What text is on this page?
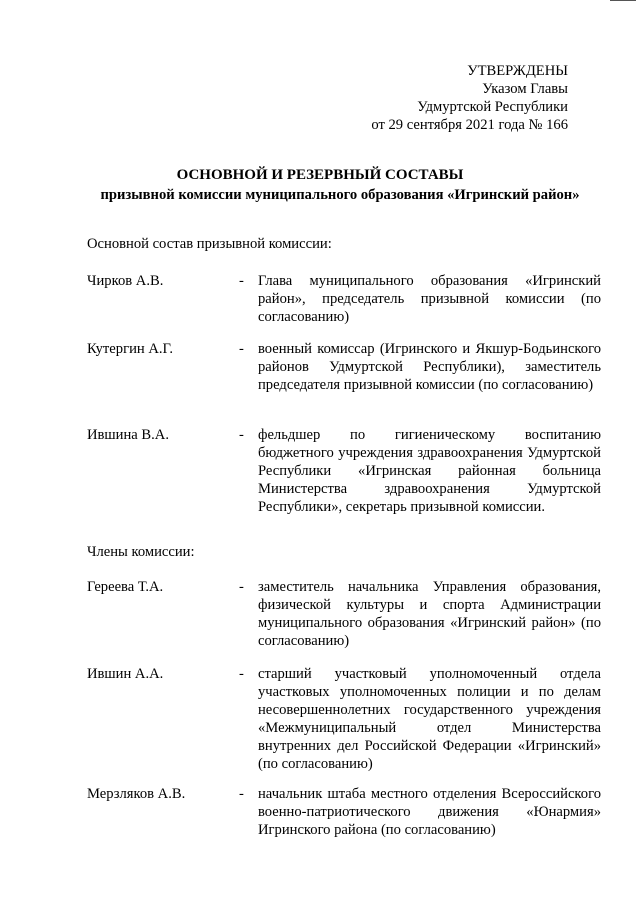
УТВЕРЖДЕНЫ
Указом Главы
Удмуртской Республики
от 29 сентября 2021 года № 166
ОСНОВНОЙ И РЕЗЕРВНЫЙ СОСТАВЫ
призывной комиссии муниципального образования «Игринский район»
Основной состав призывной комиссии:
Чирков А.В.	- Глава муниципального образования «Игринский район», председатель призывной комиссии (по согласованию)
Кутергин А.Г.	- военный комиссар (Игринского и Якшур-Бодьинского районов Удмуртской Республики), заместитель председателя призывной комиссии (по согласованию)
Ившина В.А.	- фельдшер по гигиеническому воспитанию бюджетного учреждения здравоохранения Удмуртской Республики «Игринская районная больница Министерства здравоохранения Удмуртской Республики», секретарь призывной комиссии.
Члены комиссии:
Гереева Т.А.	- заместитель начальника Управления образования, физической культуры и спорта Администрации муниципального образования «Игринский район» (по согласованию)
Ившин А.А.	- старший участковый уполномоченный отдела участковых уполномоченных полиции и по делам несовершеннолетних государственного учреждения «Межмуниципальный отдел Министерства внутренних дел Российской Федерации «Игринский» (по согласованию)
Мерзляков А.В.	- начальник штаба местного отделения Всероссийского военно-патриотического движения «Юнармия» Игринского района (по согласованию)
